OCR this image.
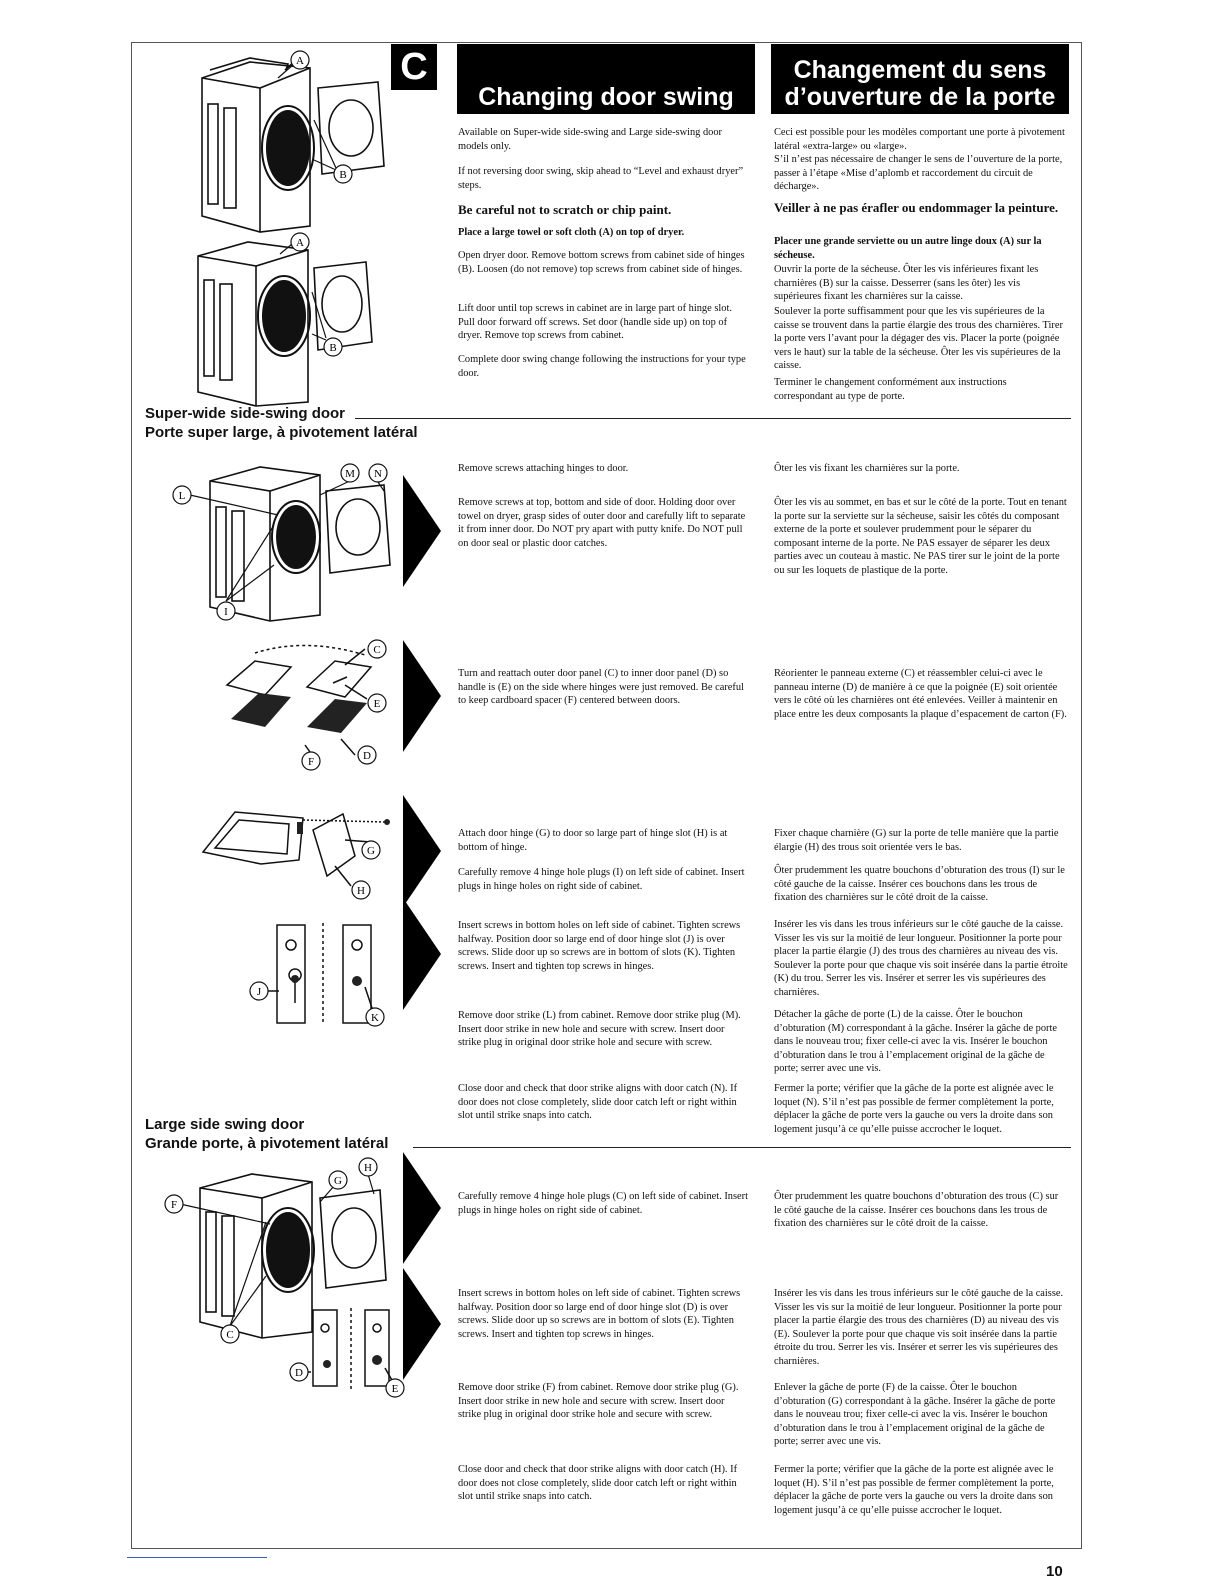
C
Changing door swing
Changement du sens
d’ouverture de la porte
Available on Super-wide side-swing and Large side-swing door models only.
If not reversing door swing, skip ahead to “Level and exhaust dryer” steps.
Be careful not to scratch or chip paint.
Place a large towel or soft cloth (A) on top of dryer.
Open dryer door. Remove bottom screws from cabinet side of hinges (B). Loosen (do not remove) top screws from cabinet side of hinges.
Lift door until top screws in cabinet are in large part of hinge slot. Pull door forward off screws. Set door (handle side up) on top of dryer. Remove top screws from cabinet.
Complete door swing change following the instructions for your type door.
Ceci est possible pour les modèles comportant une porte à pivotement latéral «extra-large» ou «large».
S’il n’est pas nécessaire de changer le sens de l’ouverture de la porte, passer à l’étape «Mise d’aplomb et raccordement du circuit de décharge».
Veiller à ne pas érafler ou endommager la peinture.
Placer une grande serviette ou un autre linge doux (A) sur la sécheuse.
Ouvrir la porte de la sécheuse. Ôter les vis inférieures fixant les charnières (B) sur la caisse. Desserrer (sans les ôter) les vis supérieures fixant les charnières sur la caisse.
Soulever la porte suffisamment pour que les vis supérieures de la caisse se trouvent dans la partie élargie des trous des charnières. Tirer la porte vers l’avant pour la dégager des vis. Placer la porte (poignée vers le haut) sur la table de la sécheuse. Ôter les vis supérieures de la caisse.
Terminer le changement conformément aux instructions correspondant au type de porte.
Super-wide side-swing door
Porte super large, à pivotement latéral
Remove screws attaching hinges to door.
Remove screws at top, bottom and side of door. Holding door over towel on dryer, grasp sides of outer door and carefully lift to separate it from inner door. Do NOT pry apart with putty knife. Do NOT pull on door seal or plastic door catches.
Turn and reattach outer door panel (C) to inner door panel (D) so handle is (E) on the side where hinges were just removed. Be careful to keep cardboard spacer (F) centered between doors.
Attach door hinge (G) to door so large part of hinge slot (H) is at bottom of hinge.
Carefully remove 4 hinge hole plugs (I) on left side of cabinet. Insert plugs in hinge holes on right side of cabinet.
Insert screws in bottom holes on left side of cabinet. Tighten screws halfway. Position door so large end of door hinge slot (J) is over screws. Slide door up so screws are in bottom of slots (K). Tighten screws. Insert and tighten top screws in hinges.
Remove door strike (L) from cabinet. Remove door strike plug (M). Insert door strike in new hole and secure with screw. Insert door strike plug in original door strike hole and secure with screw.
Close door and check that door strike aligns with door catch (N). If door does not close completely, slide door catch left or right within slot until strike snaps into catch.
Ôter les vis fixant les charnières sur la porte.
Ôter les vis au sommet, en bas et sur le côté de la porte. Tout en tenant la porte sur la serviette sur la sécheuse, saisir les côtés du composant externe de la porte et soulever prudemment pour le séparer du composant interne de la porte. Ne PAS essayer de séparer les deux parties avec un couteau à mastic. Ne PAS tirer sur le joint de la porte ou sur les loquets de plastique de la porte.
Réorienter le panneau externe (C) et réassembler celui-ci avec le panneau interne (D) de manière à ce que la poignée (E) soit orientée vers le côté où les charnières ont été enlevées. Veiller à maintenir en place entre les deux composants la plaque d’espacement de carton (F).
Fixer chaque charnière (G) sur la porte de telle manière que la partie élargie (H) des trous soit orientée vers le bas.
Ôter prudemment les quatre bouchons d’obturation des trous (I) sur le côté gauche de la caisse. Insérer ces bouchons dans les trous de fixation des charnières sur le côté droit de la caisse.
Insérer les vis dans les trous inférieurs sur le côté gauche de la caisse. Visser les vis sur la moitié de leur longueur. Positionner la porte pour placer la partie élargie (J) des trous des charnières au niveau des vis. Soulever la porte pour que chaque vis soit insérée dans la partie étroite (K) du trou. Serrer les vis. Insérer et serrer les vis supérieures des charnières.
Détacher la gâche de porte (L) de la caisse. Ôter le bouchon d’obturation (M) correspondant à la gâche. Insérer la gâche de porte dans le nouveau trou; fixer celle-ci avec la vis. Insérer le bouchon d’obturation dans le trou à l’emplacement original de la gâche de porte; serrer avec une vis.
Fermer la porte; vérifier que la gâche de la porte est alignée avec le loquet (N). S’il n’est pas possible de fermer complètement la porte, déplacer la gâche de porte vers la gauche ou vers la droite dans son logement jusqu’à ce qu’elle puisse accrocher le loquet.
Large side swing door
Grande porte, à pivotement latéral
Carefully remove 4 hinge hole plugs (C) on left side of cabinet. Insert plugs in hinge holes on right side of cabinet.
Insert screws in bottom holes on left side of cabinet. Tighten screws halfway. Position door so large end of door hinge slot (D) is over screws. Slide door up so screws are in bottom of slots (E). Tighten screws. Insert and tighten top screws in hinges.
Remove door strike (F) from cabinet. Remove door strike plug (G). Insert door strike in new hole and secure with screw. Insert door strike plug in original door strike hole and secure with screw.
Close door and check that door strike aligns with door catch (H). If door does not close completely, slide door catch left or right within slot until strike snaps into catch.
Ôter prudemment les quatre bouchons d’obturation des trous (C) sur le côté gauche de la caisse. Insérer ces bouchons dans les trous de fixation des charnières sur le côté droit de la caisse.
Insérer les vis dans les trous inférieurs sur le côté gauche de la caisse. Visser les vis sur la moitié de leur longueur. Positionner la porte pour placer la partie élargie des trous des charnières (D) au niveau des vis (E). Soulever la porte pour que chaque vis soit insérée dans la partie étroite du trou. Serrer les vis. Insérer et serrer les vis supérieures des charnières.
Enlever la gâche de porte (F) de la caisse. Ôter le bouchon d’obturation (G) correspondant à la gâche. Insérer la gâche de porte dans le nouveau trou; fixer celle-ci avec la vis. Insérer le bouchon d’obturation dans le trou à l’emplacement original de la gâche de porte; serrer avec une vis.
Fermer la porte; vérifier que la gâche de la porte est alignée avec le loquet (H). S’il n’est pas possible de fermer complètement la porte, déplacer la gâche de porte vers la gauche ou vers la droite dans son logement jusqu’à ce qu’elle puisse accrocher le loquet.
A
B
A
B
M N
L
I
C
E
F	D
G
H
J
K
H
G
F
C
D
E
10
